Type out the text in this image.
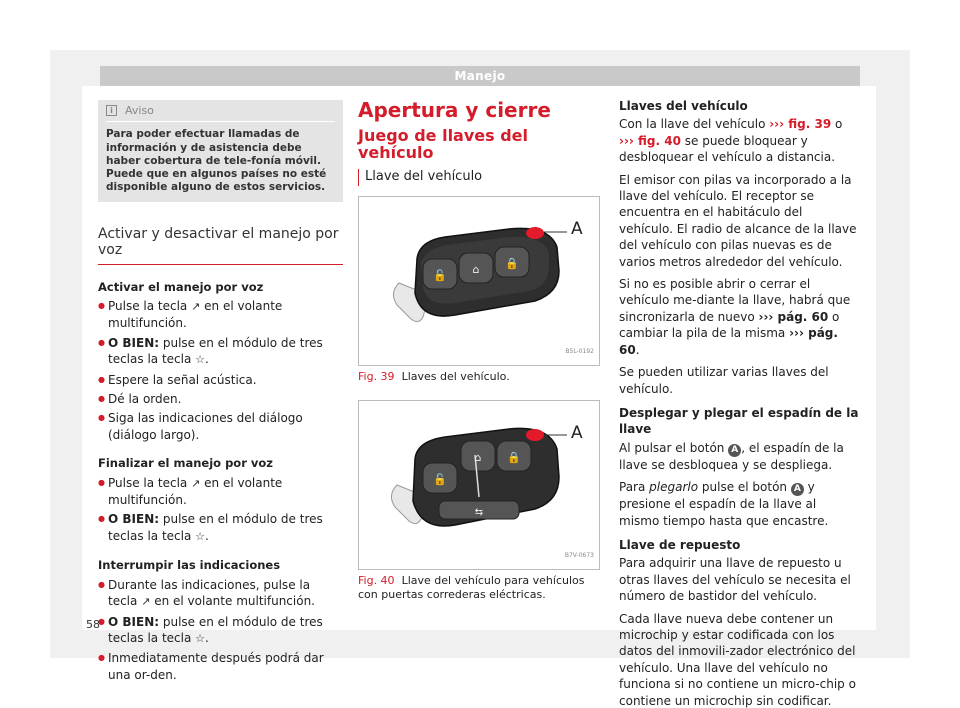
Manejo
i	Aviso
Para poder efectuar llamadas de información y de asistencia debe haber cobertura de tele-fonía móvil. Puede que en algunos países no esté disponible alguno de estos servicios.
Activar y desactivar el manejo por voz
Activar el manejo por voz
● Pulse la tecla ↗ en el volante multifunción.
● O BIEN: pulse en el módulo de tres teclas la tecla ☆.
● Espere la señal acústica.
● Dé la orden.
● Siga las indicaciones del diálogo (diálogo largo).
Finalizar el manejo por voz
● Pulse la tecla ↗ en el volante multifunción.
● O BIEN: pulse en el módulo de tres teclas la tecla ☆.
Interrumpir las indicaciones
● Durante las indicaciones, pulse la tecla ↗ en el volante multifunción.
● O BIEN: pulse en el módulo de tres teclas la tecla ☆.
● Inmediatamente después podrá dar una or-den.
Apertura y cierre
Juego de llaves del vehículo
Llave del vehículo
🔓 ⌂ 🔒
A
B5L-0192
Fig. 39 Llaves del vehículo.
🔓
⌂ 🔒
⇆
A
B7V-0673
Fig. 40 Llave del vehículo para vehículos con puertas correderas eléctricas.
Llaves del vehículo

Con la llave del vehículo ››› fig. 39 o ››› fig. 40 se puede bloquear y desbloquear el vehículo a distancia.

El emisor con pilas va incorporado a la llave del vehículo. El receptor se encuentra en el habitáculo del vehículo. El radio de alcance de la llave del vehículo con pilas nuevas es de varios metros alrededor del vehículo.

Si no es posible abrir o cerrar el vehículo me-diante la llave, habrá que sincronizarla de nuevo ››› pág. 60 o cambiar la pila de la misma ››› pág. 60.

Se pueden utilizar varias llaves del vehículo.

Desplegar y plegar el espadín de la llave

Al pulsar el botón A , el espadín de la llave se desbloquea y se despliega.

Para plegarlo pulse el botón A y presione el espadín de la llave al mismo tiempo hasta que encastre.

Llave de repuesto

Para adquirir una llave de repuesto u otras llaves del vehículo se necesita el número de bastidor del vehículo.

Cada llave nueva debe contener un microchip y estar codificada con los datos del inmovili-zador electrónico del vehículo. Una llave del vehículo no funciona si no contiene un micro-chip o contiene un microchip sin codificar.

58
